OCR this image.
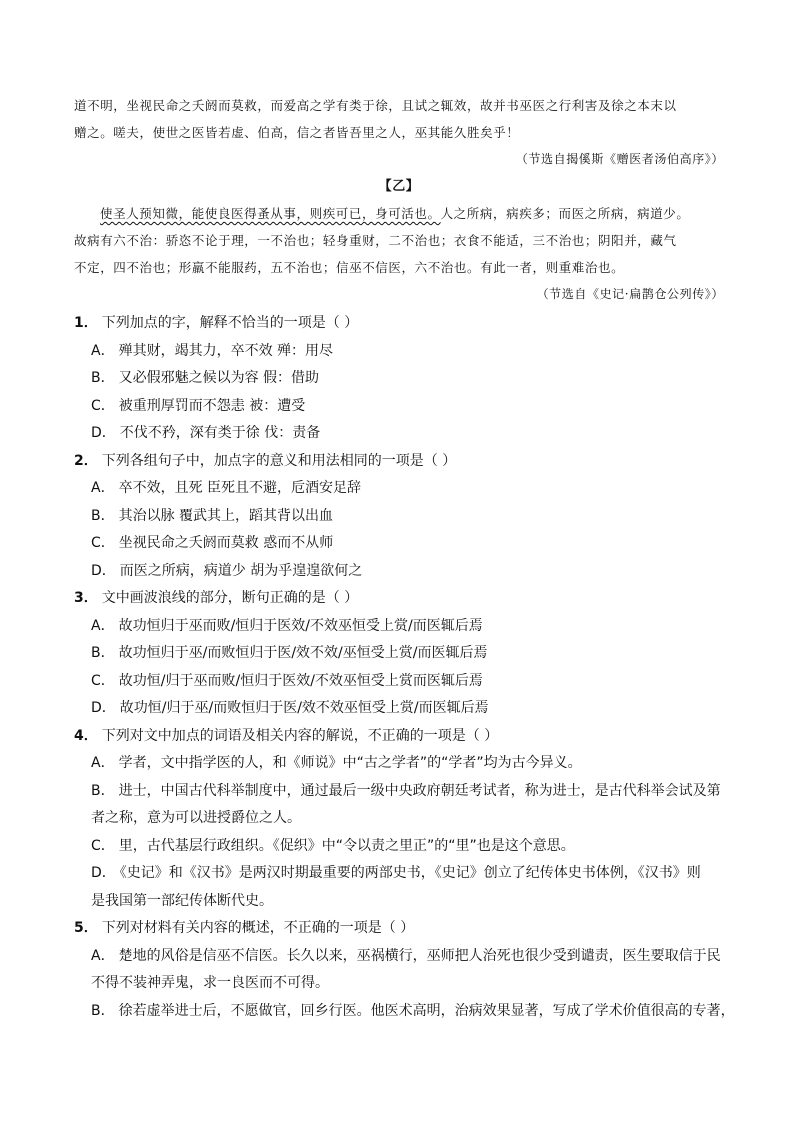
道不明，坐视民命之夭阏而莫救，而爱高之学有类于徐，且试之辄效，故并书巫医之行利害及徐之本末以
赠之。嗟夫，使世之医皆若虚、伯高，信之者皆吾里之人，巫其能久胜矣乎！
（节选自揭傒斯《赠医者汤伯高序》）
【乙】
使圣人预知微，能使良医得蚤从事，则疾可已，身可活也。人之所病，病疾多；而医之所病，病道少。
故病有六不治：骄恣不论于理，一不治也；轻身重财，二不治也；衣食不能适，三不治也；阴阳并，藏气
不定，四不治也；形羸不能服药，五不治也；信巫不信医，六不治也。有此一者，则重难治也。
（节选自《史记·扁鹊仓公列传》）
1． 下列加点的字，解释不恰当的一项是（ ）
A． 殚其财，竭其力，卒不效 殚：用尽
B． 又必假邪魅之候以为容 假：借助
C． 被重刑厚罚而不怨恚 被：遭受
D． 不伐不矜，深有类于徐 伐：责备
2． 下列各组句子中，加点字的意义和用法相同的一项是（ ）
A． 卒不效，且死 臣死且不避，卮酒安足辞
B． 其治以脉 覆武其上，蹈其背以出血
C． 坐视民命之夭阏而莫救 惑而不从师
D． 而医之所病，病道少 胡为乎遑遑欲何之
3． 文中画波浪线的部分，断句正确的是（ ）
A． 故功恒归于巫而败/恒归于医效/不效巫恒受上赏/而医辄后焉
B． 故功恒归于巫/而败恒归于医/效不效/巫恒受上赏/而医辄后焉
C． 故功恒/归于巫而败/恒归于医效/不效巫恒受上赏而医辄后焉
D． 故功恒/归于巫/而败恒归于医/效不效巫恒受上赏/而医辄后焉
4． 下列对文中加点的词语及相关内容的解说，不正确的一项是（ ）
A． 学者，文中指学医的人，和《师说》中“古之学者”的“学者”均为古今异义。
B． 进士，中国古代科举制度中，通过最后一级中央政府朝廷考试者，称为进士，是古代科举会试及第
者之称，意为可以进授爵位之人。
C． 里，古代基层行政组织。《促织》中“令以责之里正”的“里”也是这个意思。
D． 《史记》和《汉书》是两汉时期最重要的两部史书，《史记》创立了纪传体史书体例，《汉书》则
是我国第一部纪传体断代史。
5． 下列对材料有关内容的概述，不正确的一项是（ ）
A． 楚地的风俗是信巫不信医。长久以来，巫祸横行，巫师把人治死也很少受到谴责，医生要取信于民
不得不装神弄鬼，求一良医而不可得。
B． 徐若虚举进士后，不愿做官，回乡行医。他医术高明，治病效果显著，写成了学术价值很高的专著，
